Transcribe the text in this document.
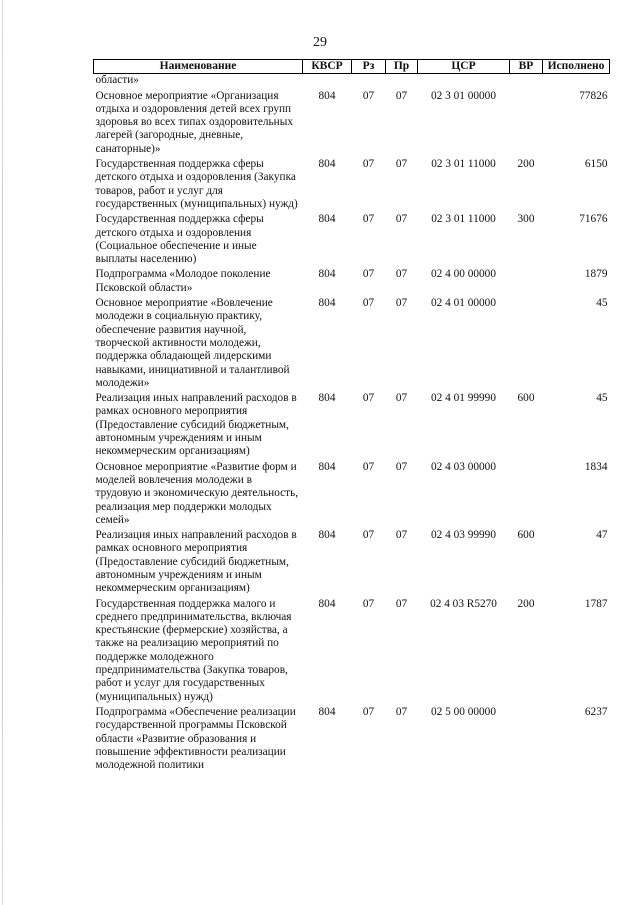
29
Наименование	КВСР	Рз	Пр	ЦСР	ВР	Исполнено
области»						
Основное мероприятие «Организация отдыха и оздоровления детей всех групп здоровья во всех типах оздоровительных лагерей (загородные, дневные, санаторные)»	804	07	07	02 3 01 00000		77826
Государственная поддержка сферы детского отдыха и оздоровления (Закупка товаров, работ и услуг для государственных (муниципальных) нужд)	804	07	07	02 3 01 11000	200	6150
Государственная поддержка сферы детского отдыха и оздоровления (Социальное обеспечение и иные выплаты населению)	804	07	07	02 3 01 11000	300	71676
Подпрограмма «Молодое поколение Псковской области»	804	07	07	02 4 00 00000		1879
Основное мероприятие «Вовлечение молодежи в социальную практику, обеспечение развития научной, творческой активности молодежи, поддержка обладающей лидерскими навыками, инициативной и талантливой молодежи»	804	07	07	02 4 01 00000		45
Реализация иных направлений расходов в рамках основного мероприятия (Предоставление субсидий бюджетным, автономным учреждениям и иным некоммерческим организациям)	804	07	07	02 4 01 99990	600	45
Основное мероприятие «Развитие форм и моделей вовлечения молодежи в трудовую и экономическую деятельность, реализация мер поддержки молодых семей»	804	07	07	02 4 03 00000		1834
Реализация иных направлений расходов в рамках основного мероприятия (Предоставление субсидий бюджетным, автономным учреждениям и иным некоммерческим организациям)	804	07	07	02 4 03 99990	600	47
Государственная поддержка малого и среднего предпринимательства, включая крестьянские (фермерские) хозяйства, а также на реализацию мероприятий по поддержке молодежного предпринимательства (Закупка товаров, работ и услуг для государственных (муниципальных) нужд)	804	07	07	02 4 03 R5270	200	1787
Подпрограмма «Обеспечение реализации государственной программы Псковской области «Развитие образования и повышение эффективности реализации молодежной политики	804	07	07	02 5 00 00000		6237
